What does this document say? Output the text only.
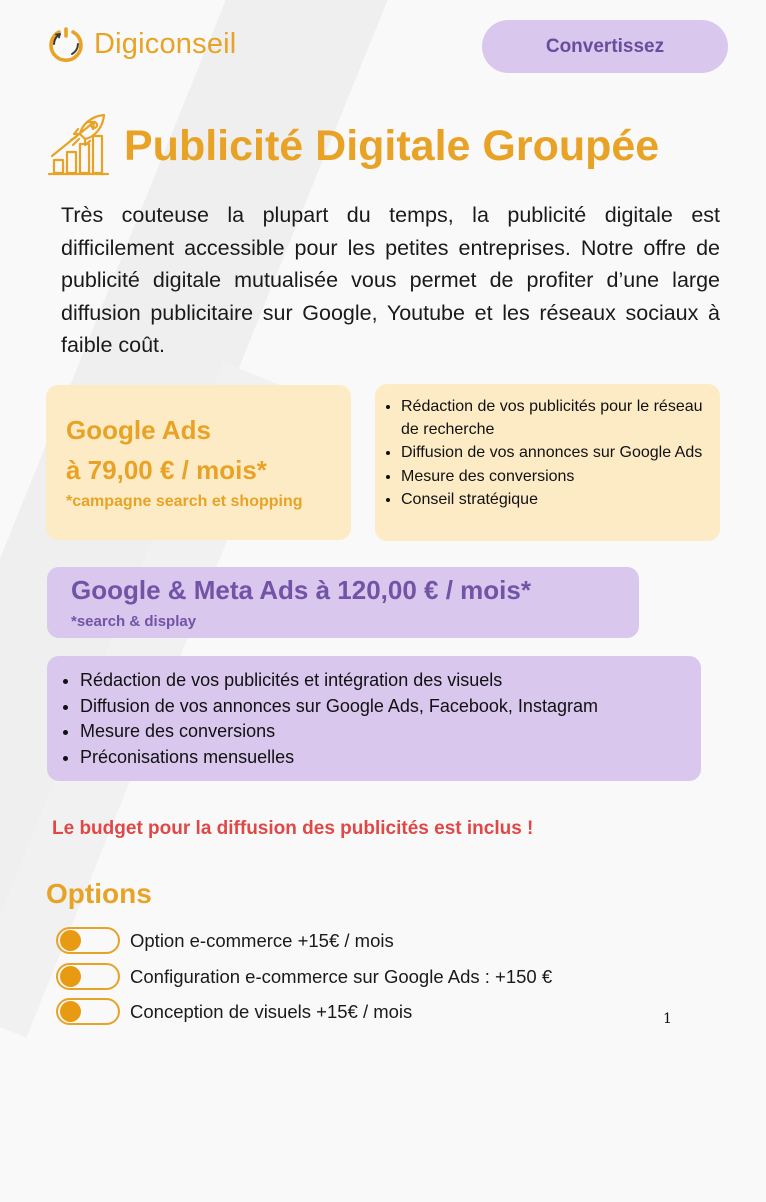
Digiconseil	Convertissez
Publicité Digitale Groupée

Très couteuse la plupart du temps, la publicité digitale est difficilement accessible pour les petites entreprises. Notre offre de publicité digitale mutualisée vous permet de profiter d’une large diffusion publicitaire sur Google, Youtube et les réseaux sociaux à faible coût.

Google Ads
à 79,00 € / mois*
*campagne search et shopping
• Rédaction de vos publicités pour le réseau de recherche
• Diffusion de vos annonces sur Google Ads
• Mesure des conversions
• Conseil stratégique
Google & Meta Ads à 120,00 € / mois*
*search & display
• Rédaction de vos publicités et intégration des visuels
• Diffusion de vos annonces sur Google Ads, Facebook, Instagram
• Mesure des conversions
• Préconisations mensuelles

Le budget pour la diffusion des publicités est inclus !

Options
Option e-commerce +15€ / mois
Configuration e-commerce sur Google Ads : +150 €
Conception de visuels +15€ / mois	1
